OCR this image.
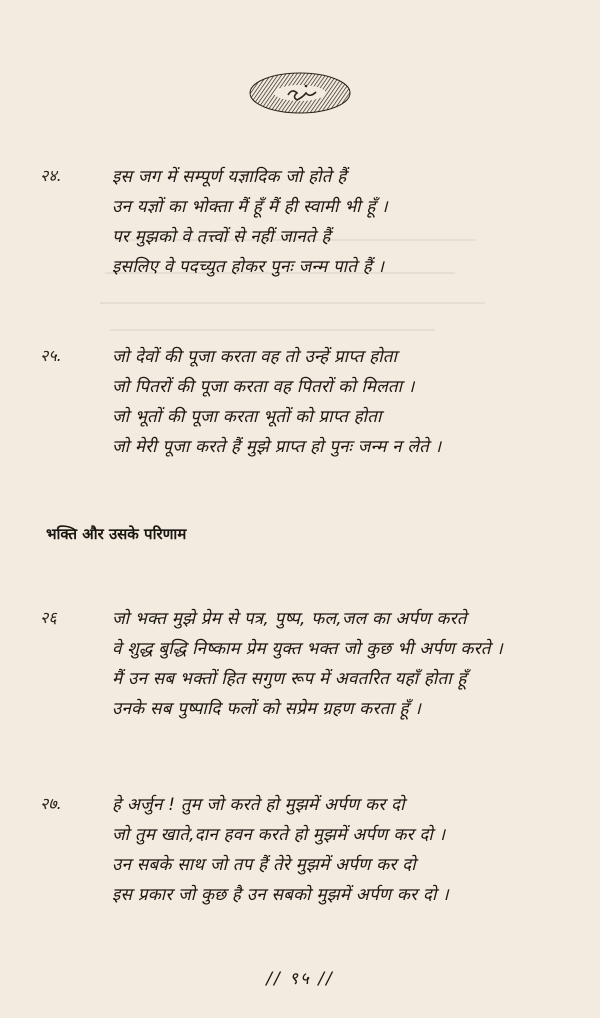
२४.	इस जग में सम्पूर्ण यज्ञादिक जो होते हैं
उन यज्ञों का भोक्ता मैं हूँ मैं ही स्वामी भी हूँ ।
पर मुझको वे तत्त्वों से नहीं जानते हैं
इसलिए वे पदच्युत होकर पुनः जन्म पाते हैं ।
२५.	जो देवों की पूजा करता वह तो उन्हें प्राप्त होता
जो पितरों की पूजा करता वह पितरों को मिलता ।
जो भूतों की पूजा करता भूतों को प्राप्त होता
जो मेरी पूजा करते हैं मुझे प्राप्त हो पुनः जन्म न लेते ।
भक्ति और उसके परिणाम
२६	जो भक्त मुझे प्रेम से पत्र, पुष्प, फल,जल का अर्पण करते
वे शुद्ध बुद्धि निष्काम प्रेम युक्त भक्त जो कुछ भी अर्पण करते ।
मैं उन सब भक्तों हित सगुण रूप में अवतरित यहाँ होता हूँ
उनके सब पुष्पादि फलों को सप्रेम ग्रहण करता हूँ ।
२७.	हे अर्जुन ! तुम जो करते हो मुझमें अर्पण कर दो
जो तुम खाते,दान हवन करते हो मुझमें अर्पण कर दो ।
उन सबके साथ जो तप हैं तेरे मुझमें अर्पण कर दो
इस प्रकार जो कुछ है उन सबको मुझमें अर्पण कर दो ।
// ९५ //
